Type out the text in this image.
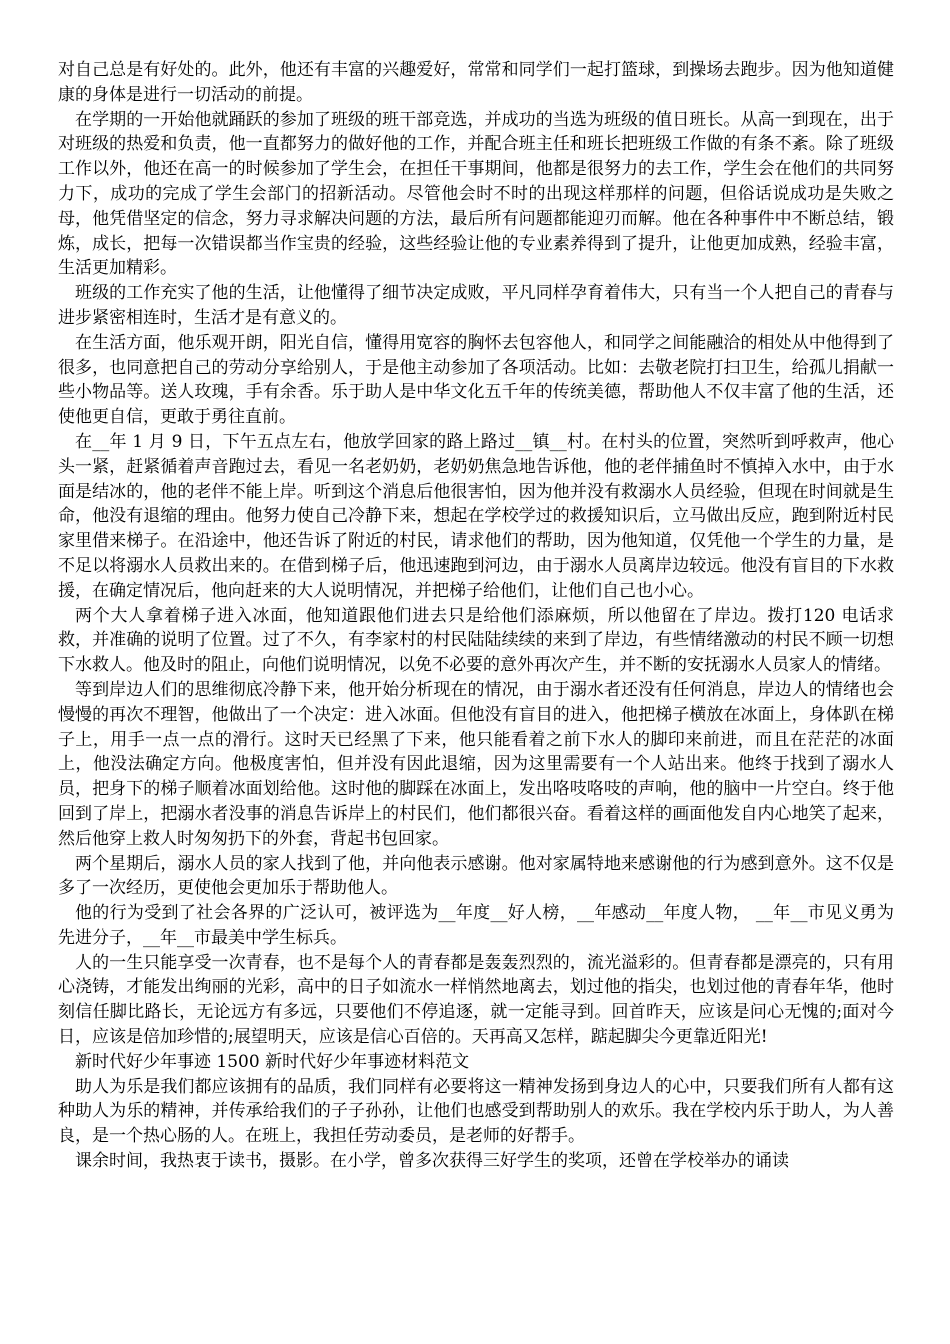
对自己总是有好处的。此外，他还有丰富的兴趣爱好，常常和同学们一起打篮球，到操场去跑步。因为他知道健康的身体是进行一切活动的前提。

在学期的一开始他就踊跃的参加了班级的班干部竞选，并成功的当选为班级的值日班长。从高一到现在，出于对班级的热爱和负责，他一直都努力的做好他的工作，并配合班主任和班长把班级工作做的有条不紊。除了班级工作以外，他还在高一的时候参加了学生会，在担任干事期间，他都是很努力的去工作，学生会在他们的共同努力下，成功的完成了学生会部门的招新活动。尽管他会时不时的出现这样那样的问题，但俗话说成功是失败之母，他凭借坚定的信念，努力寻求解决问题的方法，最后所有问题都能迎刃而解。他在各种事件中不断总结，锻炼，成长，把每一次错误都当作宝贵的经验，这些经验让他的专业素养得到了提升，让他更加成熟，经验丰富，生活更加精彩。

班级的工作充实了他的生活，让他懂得了细节决定成败，平凡同样孕育着伟大，只有当一个人把自己的青春与进步紧密相连时，生活才是有意义的。

在生活方面，他乐观开朗，阳光自信，懂得用宽容的胸怀去包容他人，和同学之间能融洽的相处从中他得到了很多，也同意把自己的劳动分享给别人，于是他主动参加了各项活动。比如：去敬老院打扫卫生，给孤儿捐献一些小物品等。送人玫瑰，手有余香。乐于助人是中华文化五千年的传统美德，帮助他人不仅丰富了他的生活，还使他更自信，更敢于勇往直前。

在__年 1 月 9 日，下午五点左右，他放学回家的路上路过__镇__村。在村头的位置，突然听到呼救声，他心头一紧，赶紧循着声音跑过去，看见一名老奶奶，老奶奶焦急地告诉他，他的老伴捕鱼时不慎掉入水中，由于水面是结冰的，他的老伴不能上岸。听到这个消息后他很害怕，因为他并没有救溺水人员经验，但现在时间就是生命，他没有退缩的理由。他努力使自己冷静下来，想起在学校学过的救援知识后，立马做出反应，跑到附近村民家里借来梯子。在沿途中，他还告诉了附近的村民，请求他们的帮助，因为他知道，仅凭他一个学生的力量，是不足以将溺水人员救出来的。在借到梯子后，他迅速跑到河边，由于溺水人员离岸边较远。他没有盲目的下水救援，在确定情况后，他向赶来的大人说明情况，并把梯子给他们，让他们自己也小心。

两个大人拿着梯子进入冰面，他知道跟他们进去只是给他们添麻烦，所以他留在了岸边。拨打120 电话求救，并准确的说明了位置。过了不久，有李家村的村民陆陆续续的来到了岸边，有些情绪激动的村民不顾一切想下水救人。他及时的阻止，向他们说明情况，以免不必要的意外再次产生，并不断的安抚溺水人员家人的情绪。

等到岸边人们的思维彻底冷静下来，他开始分析现在的情况，由于溺水者还没有任何消息，岸边人的情绪也会慢慢的再次不理智，他做出了一个决定：进入冰面。但他没有盲目的进入，他把梯子横放在冰面上，身体趴在梯子上，用手一点一点的滑行。这时天已经黑了下来，他只能看着之前下水人的脚印来前进，而且在茫茫的冰面上，他没法确定方向。他极度害怕，但并没有因此退缩，因为这里需要有一个人站出来。他终于找到了溺水人员，把身下的梯子顺着冰面划给他。这时他的脚踩在冰面上，发出咯吱咯吱的声响，他的脑中一片空白。终于他回到了岸上，把溺水者没事的消息告诉岸上的村民们，他们都很兴奋。看着这样的画面他发自内心地笑了起来，然后他穿上救人时匆匆扔下的外套，背起书包回家。

两个星期后，溺水人员的家人找到了他，并向他表示感谢。他对家属特地来感谢他的行为感到意外。这不仅是多了一次经历，更使他会更加乐于帮助他人。

他的行为受到了社会各界的广泛认可，被评选为__年度__好人榜，__年感动__年度人物， __年__市见义勇为先进分子，__年__市最美中学生标兵。

人的一生只能享受一次青春，也不是每个人的青春都是轰轰烈烈的，流光溢彩的。但青春都是漂亮的，只有用心浇铸，才能发出绚丽的光彩，高中的日子如流水一样悄然地离去，划过他的指尖，也划过他的青春年华，他时刻信任脚比路长，无论远方有多远，只要他们不停追逐，就一定能寻到。回首昨天，应该是问心无愧的;面对今日，应该是倍加珍惜的;展望明天，应该是信心百倍的。天再高又怎样，踮起脚尖今更靠近阳光!

新时代好少年事迹 1500 新时代好少年事迹材料范文

助人为乐是我们都应该拥有的品质，我们同样有必要将这一精神发扬到身边人的心中，只要我们所有人都有这种助人为乐的精神，并传承给我们的子子孙孙，让他们也感受到帮助别人的欢乐。我在学校内乐于助人，为人善良，是一个热心肠的人。在班上，我担任劳动委员，是老师的好帮手。

课余时间，我热衷于读书，摄影。在小学，曾多次获得三好学生的奖项，还曾在学校举办的诵读
